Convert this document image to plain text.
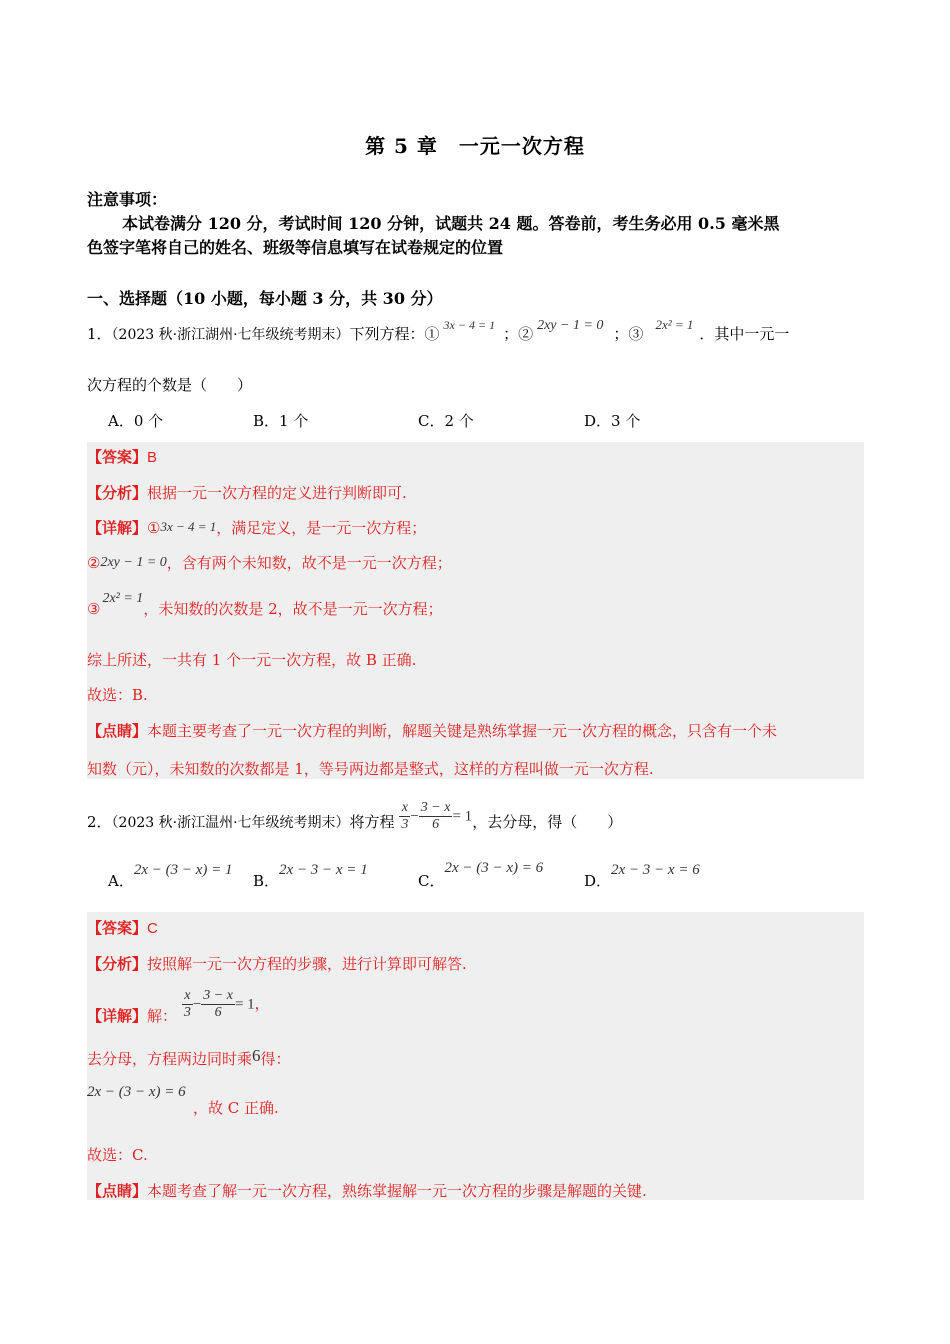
第 5 章　一元一次方程
注意事项：
本试卷满分 120 分，考试时间 120 分钟，试题共 24 题。答卷前，考生务必用 0.5 毫米黑
色签字笔将自己的姓名、班级等信息填写在试卷规定的位置
一、选择题（10 小题，每小题 3 分，共 30 分）
1．（2023 秋·浙江湖州·七年级统考期末）下列方程：① $^{3x - 4 = 1}$ ；② 2xy − 1 = 0 ；③2x² = 1．其中一元一
次方程的个数是（　　）
A．0 个	B．1 个	C．2 个	D．3 个
【答案】B
【分析】根据一元一次方程的定义进行判断即可.
【详解】①3x − 4 = 1，满足定义，是一元一次方程；
②2xy − 1 = 0，含有两个未知数，故不是一元一次方程；
③2x² = 1，未知数的次数是 2，故不是一元一次方程；
综上所述，一共有 1 个一元一次方程，故 B 正确.
故选：B.
【点睛】本题主要考查了一元一次方程的判断，解题关键是熟练掌握一元一次方程的概念，只含有一个未
知数（元），未知数的次数都是 1，等号两边都是整式，这样的方程叫做一元一次方程.
2．（2023 秋·浙江温州·七年级统考期末）将方程 $\frac{x}{3} - \frac{3 - x}{6} = 1$，去分母，得（　　）
A．2x − (3 − x) = 1
B．2x − 3 − x = 1
C．2x − (3 − x) = 6
D．2x − 3 − x = 6
【答案】C
【分析】按照解一元一次方程的步骤，进行计算即可解答.
【详解】解： $\frac{x}{3} - \frac{3 - x}{6} = 1$，
去分母，方程两边同时乘6得：
2x − (3 − x) = 6
，故 C 正确.
故选：C.
【点睛】本题考查了解一元一次方程，熟练掌握解一元一次方程的步骤是解题的关键.
